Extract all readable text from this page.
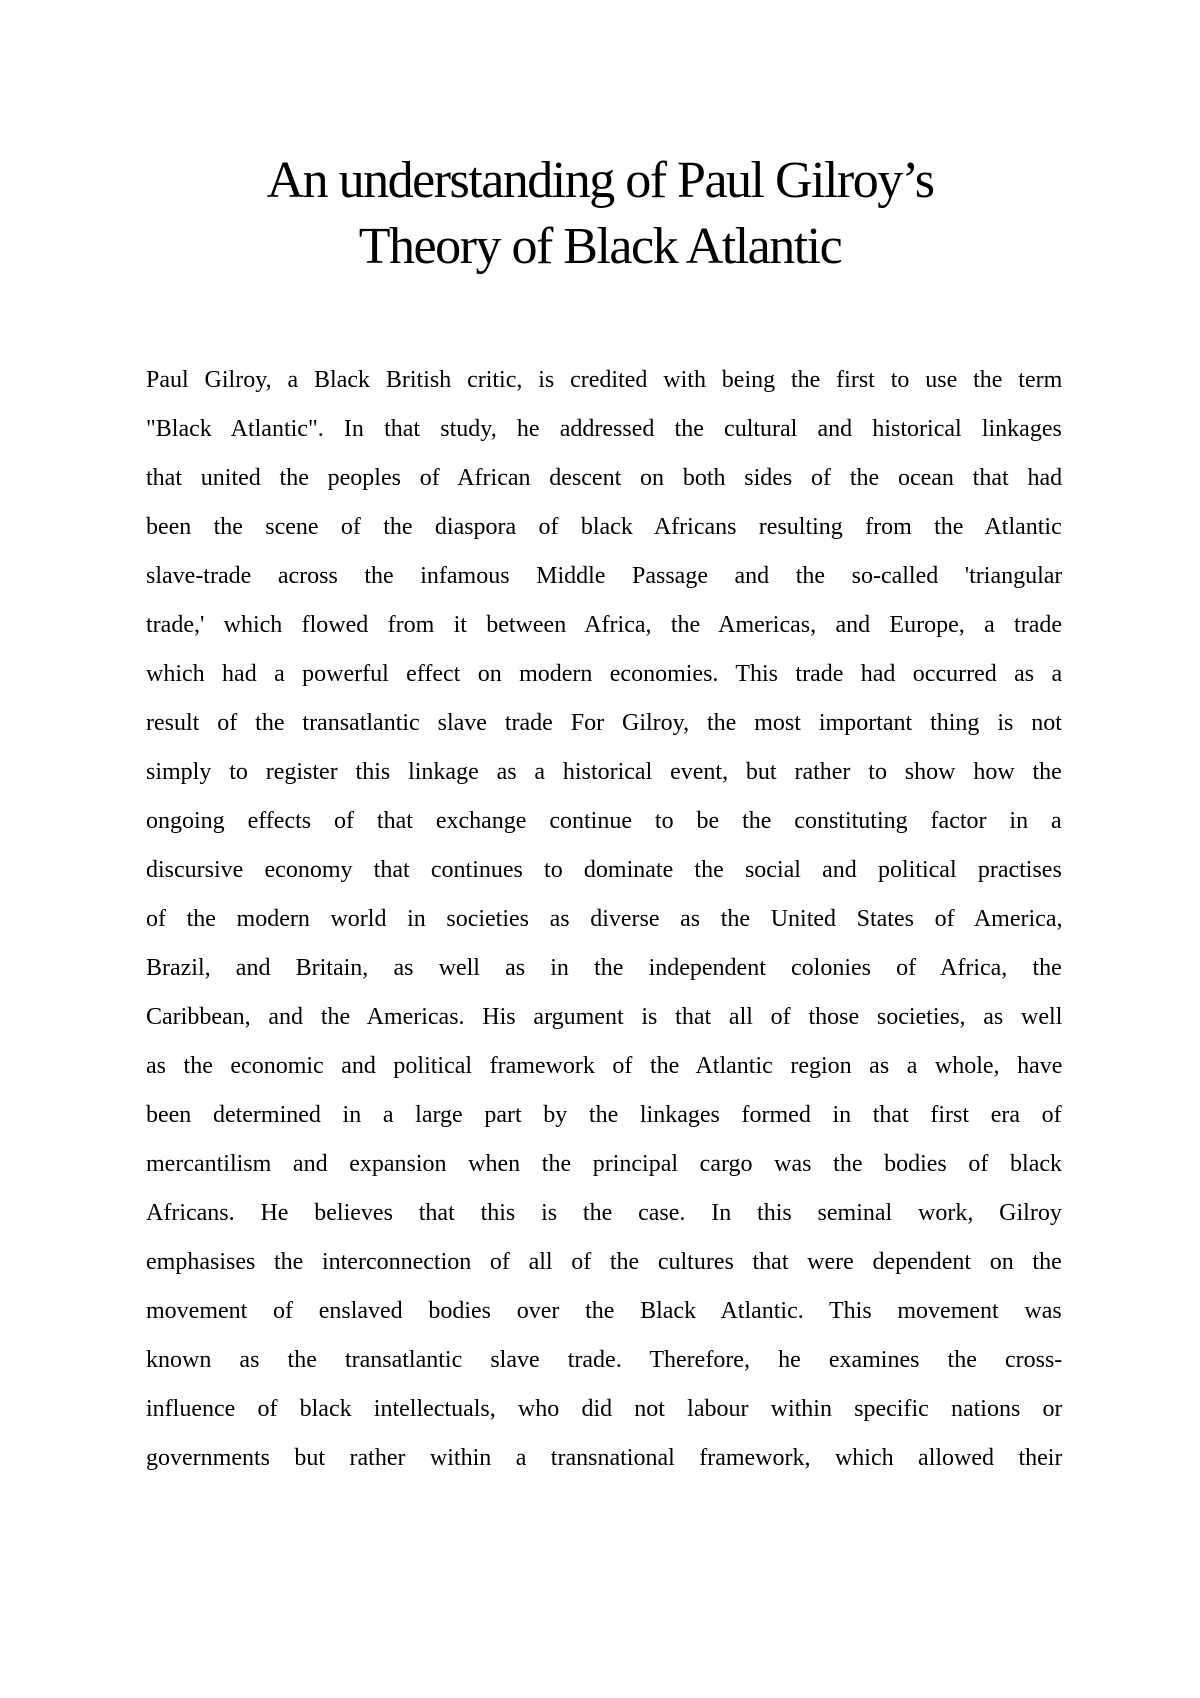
An understanding of Paul Gilroy’s
Theory of Black Atlantic
Paul Gilroy, a Black British critic, is credited with being the first to use the term
"Black Atlantic". In that study, he addressed the cultural and historical linkages
that united the peoples of African descent on both sides of the ocean that had
been the scene of the diaspora of black Africans resulting from the Atlantic
slave-trade across the infamous Middle Passage and the so-called 'triangular
trade,' which flowed from it between Africa, the Americas, and Europe, a trade
which had a powerful effect on modern economies. This trade had occurred as a
result of the transatlantic slave trade For Gilroy, the most important thing is not
simply to register this linkage as a historical event, but rather to show how the
ongoing effects of that exchange continue to be the constituting factor in a
discursive economy that continues to dominate the social and political practises
of the modern world in societies as diverse as the United States of America,
Brazil, and Britain, as well as in the independent colonies of Africa, the
Caribbean, and the Americas. His argument is that all of those societies, as well
as the economic and political framework of the Atlantic region as a whole, have
been determined in a large part by the linkages formed in that first era of
mercantilism and expansion when the principal cargo was the bodies of black
Africans. He believes that this is the case. In this seminal work, Gilroy
emphasises the interconnection of all of the cultures that were dependent on the
movement of enslaved bodies over the Black Atlantic. This movement was
known as the transatlantic slave trade. Therefore, he examines the cross-
influence of black intellectuals, who did not labour within specific nations or
governments but rather within a transnational framework, which allowed their
